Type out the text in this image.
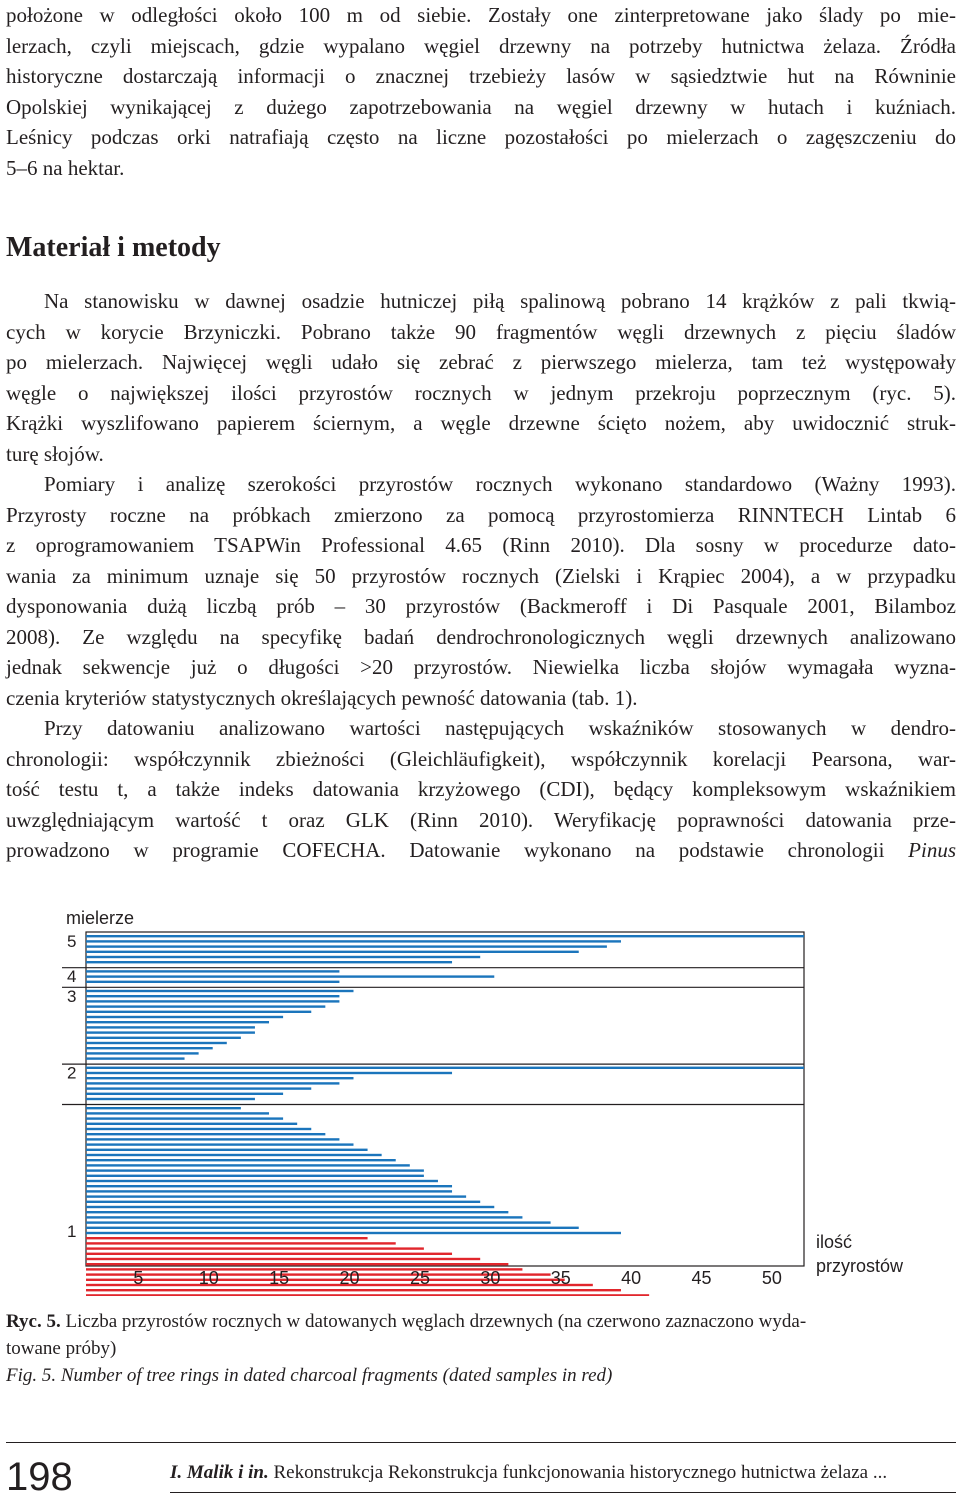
położone w odległości około 100 m od siebie. Zostały one zinterpretowane jako ślady po mie-
lerzach, czyli miejscach, gdzie wypalano węgiel drzewny na potrzeby hutnictwa żelaza. Źródła
historyczne dostarczają informacji o znacznej trzebieży lasów w sąsiedztwie hut na Równinie
Opolskiej wynikającej z dużego zapotrzebowania na węgiel drzewny w hutach i kuźniach.
Leśnicy podczas orki natrafiają często na liczne pozostałości po mielerzach o zagęszczeniu do
5–6 na hektar.
Materiał i metody
Na stanowisku w dawnej osadzie hutniczej piłą spalinową pobrano 14 krążków z pali tkwią-
cych w korycie Brzyniczki. Pobrano także 90 fragmentów węgli drzewnych z pięciu śladów
po mielerzach. Najwięcej węgli udało się zebrać z pierwszego mielerza, tam też występowały
węgle o największej ilości przyrostów rocznych w jednym przekroju poprzecznym (ryc. 5).
Krążki wyszlifowano papierem ściernym, a węgle drzewne ścięto nożem, aby uwidocznić struk-
turę słojów.
Pomiary i analizę szerokości przyrostów rocznych wykonano standardowo (Ważny 1993).
Przyrosty roczne na próbkach zmierzono za pomocą przyrostomierza RINNTECH Lintab 6
z oprogramowaniem TSAPWin Professional 4.65 (Rinn 2010). Dla sosny w procedurze dato-
wania za minimum uznaje się 50 przyrostów rocznych (Zielski i Krąpiec 2004), a w przypadku
dysponowania dużą liczbą prób – 30 przyrostów (Backmeroff i Di Pasquale 2001, Bilamboz
2008). Ze względu na specyfikę badań dendrochronologicznych węgli drzewnych analizowano
jednak sekwencje już o długości >20 przyrostów. Niewielka liczba słojów wymagała wyzna-
czenia kryteriów statystycznych określających pewność datowania (tab. 1).
Przy datowaniu analizowano wartości następujących wskaźników stosowanych w dendro-
chronologii: współczynnik zbieżności (Gleichläufigkeit), współczynnik korelacji Pearsona, war-
tość testu t, a także indeks datowania krzyżowego (CDI), będący kompleksowym wskaźnikiem
uwzględniającym wartość t oraz GLK (Rinn 2010). Weryfikację poprawności datowania prze-
prowadzono w programie COFECHA. Datowanie wykonano na podstawie chronologii Pinus
mielerze
5
4
3
2
1
5	10	15	20	25	30	35	40	45	50
ilość
przyrostów

Ryc. 5. Liczba przyrostów rocznych w datowanych węglach drzewnych (na czerwono zaznaczono wyda-
towane próby)

Fig. 5. Number of tree rings in dated charcoal fragments (dated samples in red)

198	I. Malik i in. Rekonstrukcja Rekonstrukcja funkcjonowania historycznego hutnictwa żelaza ...
